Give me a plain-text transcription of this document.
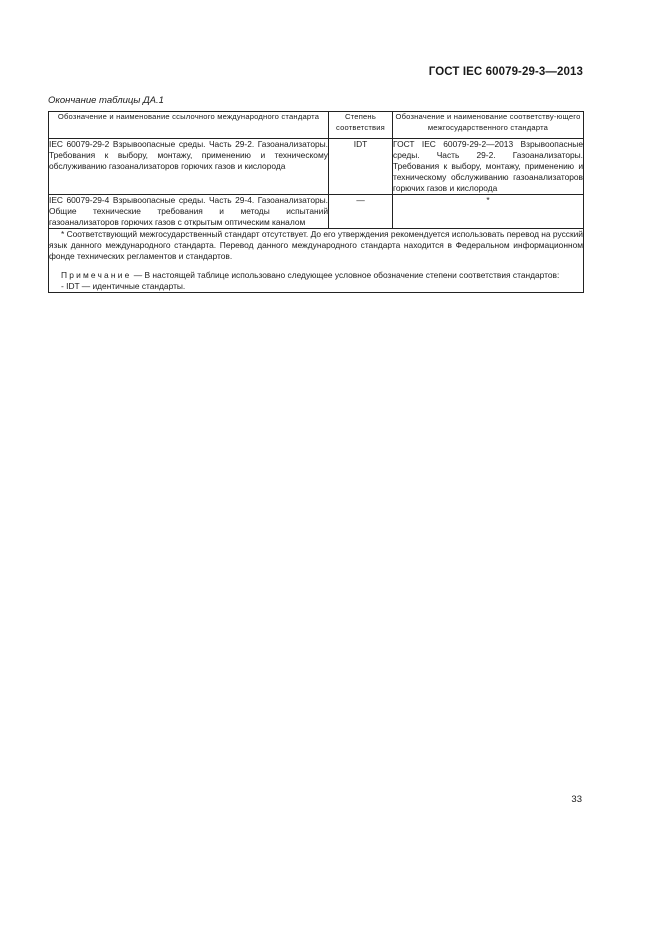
ГОСТ IEC 60079-29-3—2013
Окончание таблицы ДА.1
Обозначение и наименование ссылочного международного стандарта	Степень соответствия	Обозначение и наименование соответству-ющего межгосударственного стандарта
IEC 60079-29-2 Взрывоопасные среды. Часть 29-2. Газоанализаторы. Требования к выбору, монтажу, применению и техническому обслуживанию газоанализаторов горючих газов и кислорода	IDT	ГОСТ IEC 60079-29-2—2013 Взрывоопасные среды. Часть 29-2. Газоанализаторы. Требования к выбору, монтажу, применению и техническому обслуживанию газоанализаторов горючих газов и кислорода
IEC 60079-29-4 Взрывоопасные среды. Часть 29-4. Газоанализаторы. Общие технические требования и методы испытаний газоанализаторов горючих газов с открытым оптическим каналом	—	*

* Соответствующий межгосударственный стандарт отсутствует. До его утверждения рекомендуется использовать перевод на русский язык данного международного стандарта. Перевод данного международного стандарта находится в Федеральном информационном фонде технических регламентов и стандартов.

Примечание — В настоящей таблице использовано следующее условное обозначение степени соответствия стандартов:

- IDT — идентичные стандарты.		

33
